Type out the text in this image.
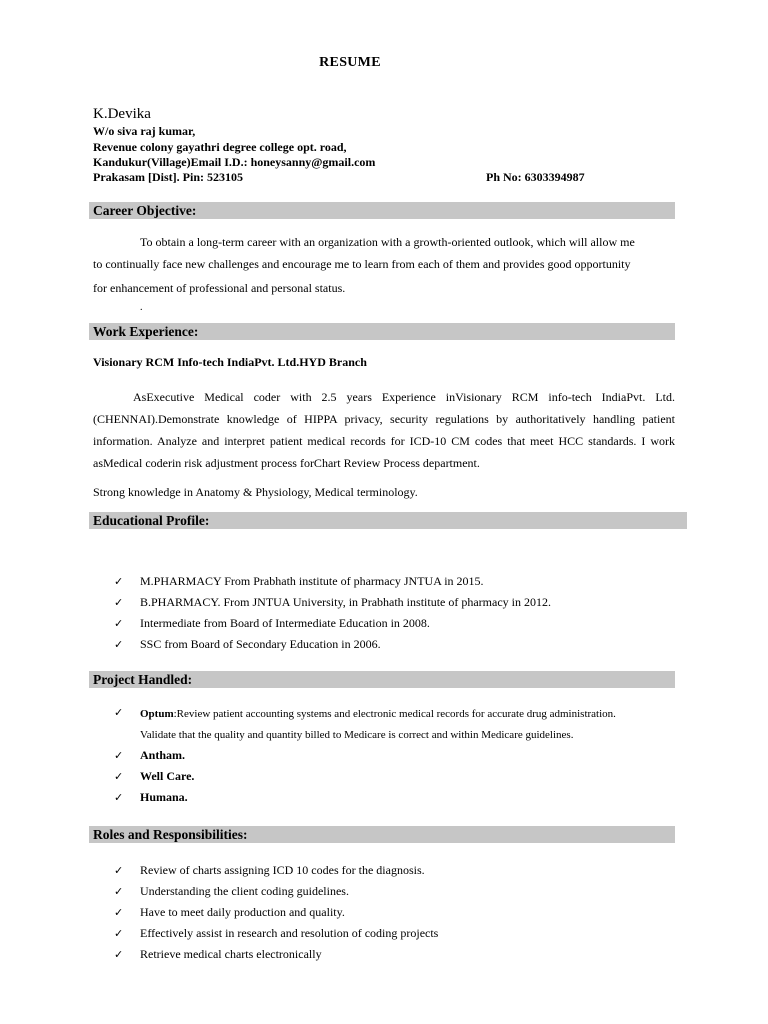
RESUME
K.Devika
W/o siva raj kumar,
Revenue colony gayathri degree college opt. road,
Kandukur(Village)Email I.D.: honeysanny@gmail.com
Prakasam [Dist]. Pin: 523105	Ph No: 6303394987
Career Objective:
To obtain a long-term career with an organization with a growth-oriented outlook, which will allow me
to continually face new challenges and encourage me to learn from each of them and provides good opportunity
for enhancement of professional and personal status.
.
Work Experience:
Visionary RCM Info-tech IndiaPvt. Ltd.HYD Branch
AsExecutive Medical coder with 2.5 years Experience inVisionary RCM info-tech IndiaPvt. Ltd. (CHENNAI).Demonstrate knowledge of HIPPA privacy, security regulations by authoritatively handling patient information. Analyze and interpret patient medical records for ICD-10 CM codes that meet HCC standards. I work asMedical coderin risk adjustment process forChart Review Process department.
Strong knowledge in Anatomy & Physiology, Medical terminology.
Educational Profile:
✓ M.PHARMACY From Prabhath institute of pharmacy JNTUA in 2015.
✓ B.PHARMACY. From JNTUA University, in Prabhath institute of pharmacy in 2012.
✓ Intermediate from Board of Intermediate Education in 2008.
✓ SSC from Board of Secondary Education in 2006.
Project Handled:
✓ Optum:Review patient accounting systems and electronic medical records for accurate drug administration.
Validate that the quality and quantity billed to Medicare is correct and within Medicare guidelines.
✓ Antham.
✓ Well Care.
✓ Humana.
Roles and Responsibilities:
✓ Review of charts assigning ICD 10 codes for the diagnosis.
✓ Understanding the client coding guidelines.
✓ Have to meet daily production and quality.
✓ Effectively assist in research and resolution of coding projects
✓ Retrieve medical charts electronically
